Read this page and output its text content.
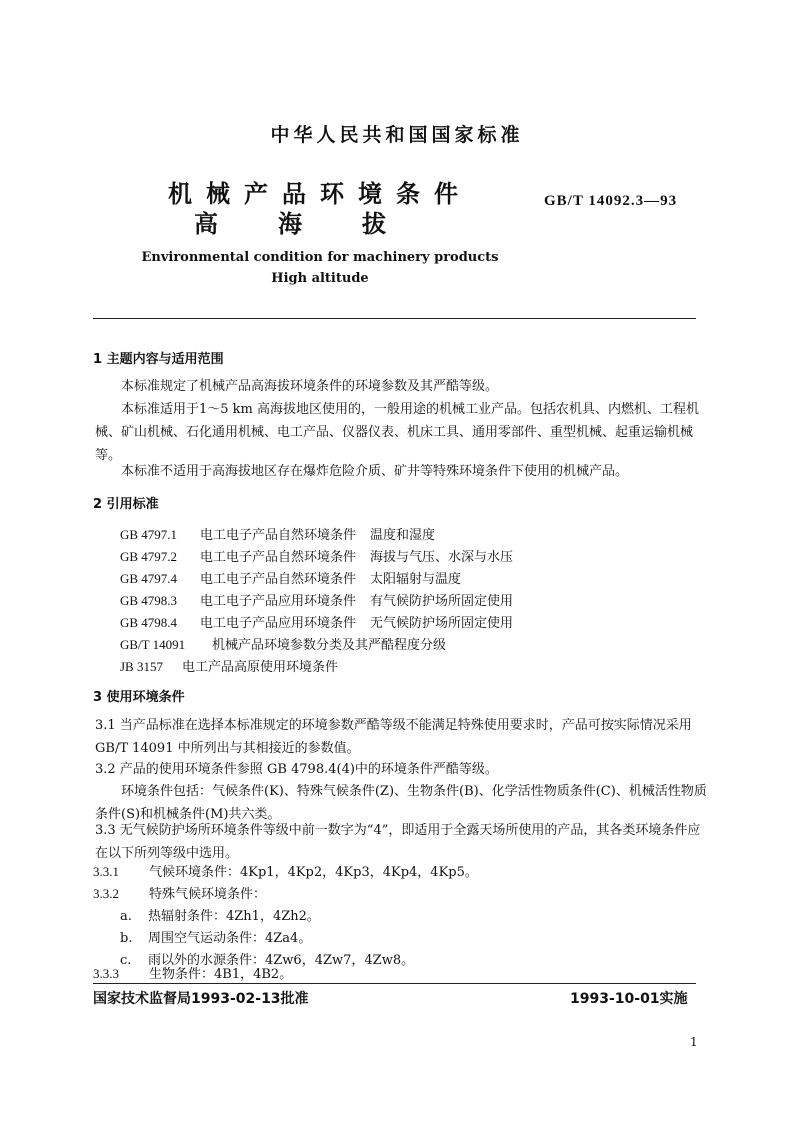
中华人民共和国国家标准
机械产品环境条件
高海拔
GB/T 14092.3—93
Environmental condition for machinery products
High altitude
1 主题内容与适用范围
本标准规定了机械产品高海拔环境条件的环境参数及其严酷等级。
本标准适用于1～5 km 高海拔地区使用的，一般用途的机械工业产品。包括农机具、内燃机、工程机械、矿山机械、石化通用机械、电工产品、仪器仪表、机床工具、通用零部件、重型机械、起重运输机械等。
本标准不适用于高海拔地区存在爆炸危险介质、矿井等特殊环境条件下使用的机械产品。
2 引用标准
GB 4797.1 电工电子产品自然环境条件 温度和湿度
GB 4797.2 电工电子产品自然环境条件 海拔与气压、水深与水压
GB 4797.4 电工电子产品自然环境条件 太阳辐射与温度
GB 4798.3 电工电子产品应用环境条件 有气候防护场所固定使用
GB 4798.4 电工电子产品应用环境条件 无气候防护场所固定使用
GB/T 14091 机械产品环境参数分类及其严酷程度分级
JB 3157 电工产品高原使用环境条件
3 使用环境条件
3.1 当产品标准在选择本标准规定的环境参数严酷等级不能满足特殊使用要求时，产品可按实际情况采用 GB/T 14091 中所列出与其相接近的参数值。
3.2 产品的使用环境条件参照 GB 4798.4(4)中的环境条件严酷等级。
环境条件包括：气候条件(K)、特殊气候条件(Z)、生物条件(B)、化学活性物质条件(C)、机械活性物质条件(S)和机械条件(M)共六类。
3.3 无气候防护场所环境条件等级中前一数字为“4”，即适用于全露天场所使用的产品，其各类环境条件应在以下所列等级中选用。
3.3.1 气候环境条件：4Kp1，4Kp2，4Kp3，4Kp4，4Kp5。
3.3.2 特殊气候环境条件：
a. 热辐射条件：4Zh1，4Zh2。
b. 周围空气运动条件：4Za4。
c. 雨以外的水源条件：4Zw6，4Zw7，4Zw8。
3.3.3 生物条件：4B1，4B2。
国家技术监督局1993-02-13批准	1993-10-01实施
1
